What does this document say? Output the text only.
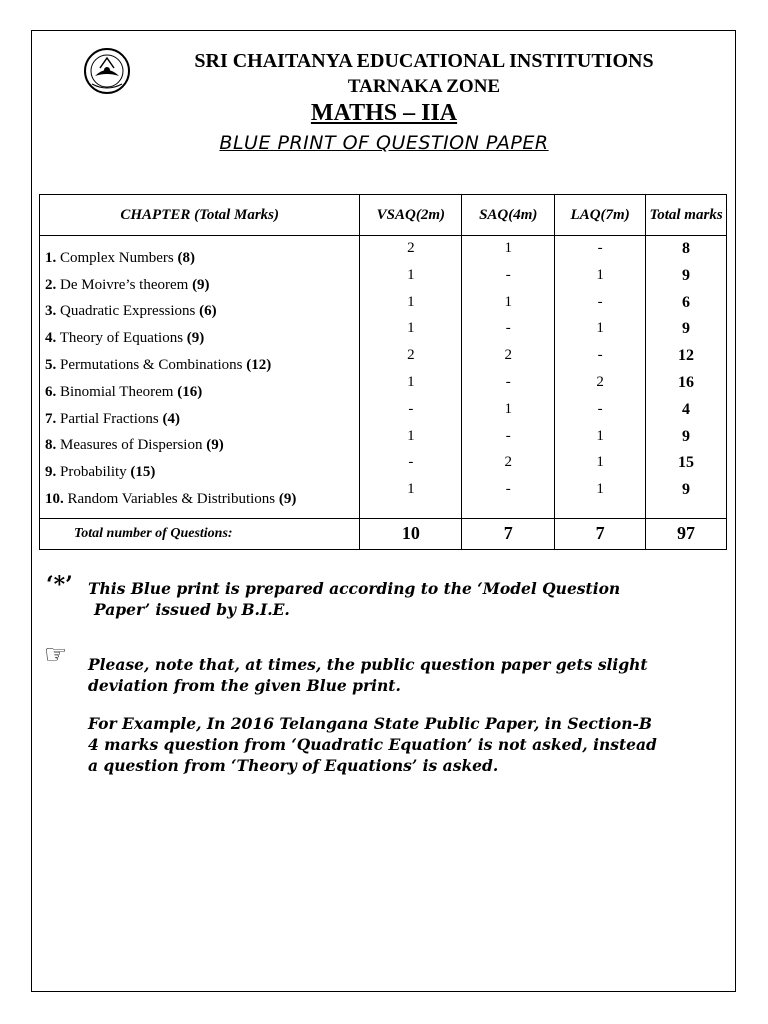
SRI CHAITANYA EDUCATIONAL INSTITUTIONS
TARNAKA ZONE
MATHS – IIA
BLUE PRINT OF QUESTION PAPER
CHAPTER (Total Marks)	VSAQ(2m)	SAQ(4m)	LAQ(7m)	Total marks
1. Complex Numbers (8)	2	1	-	8
2. De Moivre’s theorem (9)	1	-	1	9
3. Quadratic Expressions (6)	1	1	-	6
4. Theory of Equations (9)	1	-	1	9
5. Permutations & Combinations (12)	2	2	-	12
6. Binomial Theorem (16)	1	-	2	16
7. Partial Fractions (4)	-	1	-	4
8. Measures of Dispersion (9)	1	-	1	9
9. Probability (15)	-	2	1	15
10. Random Variables & Distributions (9)	1	-	1	9

Total number of Questions:	10	7	7	97
‘*’ This Blue print is prepared according to the ‘Model Question
Paper’ issued by B.I.E.
☞ Please, note that, at times, the public question paper gets slight
deviation from the given Blue print.
For Example, In 2016 Telangana State Public Paper, in Section-B
4 marks question from ‘Quadratic Equation’ is not asked, instead
a question from ‘Theory of Equations’ is asked.
